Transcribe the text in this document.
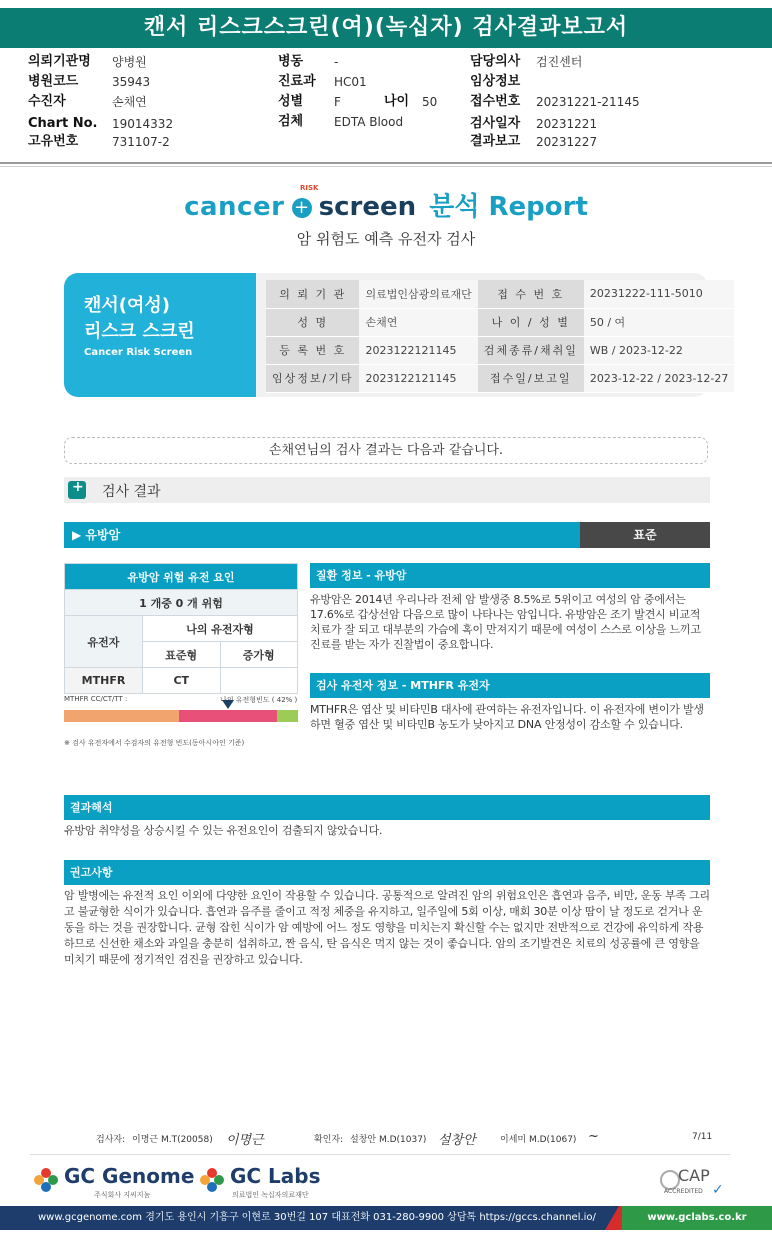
캔서 리스크스크린(여)(녹십자) 검사결과보고서
의뢰기관명 양병원
병원코드	35943
수진자	손채연
Chart No. 19014332
고유번호	731107-2
병동	-
진료과 HC01
성별	F	나이 50
검체	EDTA Blood
담당의사 검진센터
임상정보
접수번호 20231221-21145
검사일자 20231221
결과보고 20231227
cancer +
RISK
screen 분석 Report
암 위험도 예측 유전자 검사
캔서(여성)
리스크 스크린
Cancer Risk Screen
의 뢰 기 관	의료법인삼광의료재단	접 수 번 호	20231222-111-5010
성 명	손채연	나 이 / 성 별	50 / 여
등 록 번 호	2023122121145	검체종류/채취일	WB / 2023-12-22
임상정보/기타	2023122121145	접수일/보고일	2023-12-22 / 2023-12-27
손채연님의 검사 결과는 다음과 같습니다.
+
검사 결과
▶ 유방암	표준
유방암 위험 유전 요인		
1 개중 0 개 위험		
유전자	나의 유전자형	
	표준형	증가형
MTHFR	CT	
MTHFR CC/CT/TT :	나의 유전형빈도 ( 42% )
※ 검사 유전자에서 수검자의 유전형 빈도(동아시아인 기준)
질환 정보 - 유방암
유방암은 2014년 우리나라 전체 암 발생중 8.5%로 5위이고 여성의 암 중에서는 17.6%로 갑상선암 다음으로 많이 나타나는 암입니다. 유방암은 조기 발견시 비교적 치료가 잘 되고 대부분의 가슴에 혹이 만져지기 때문에 여성이 스스로 이상을 느끼고 진료를 받는 자가 진찰법이 중요합니다.
검사 유전자 정보 - MTHFR 유전자
MTHFR은 엽산 및 비타민B 대사에 관여하는 유전자입니다. 이 유전자에 변이가 발생하면 혈중 엽산 및 비타민B 농도가 낮아지고 DNA 안정성이 감소할 수 있습니다.
결과해석
유방암 취약성을 상승시킬 수 있는 유전요인이 검출되지 않았습니다.
권고사항
암 발병에는 유전적 요인 이외에 다양한 요인이 작용할 수 있습니다. 공통적으로 알려진 암의 위험요인은 흡연과 음주, 비만, 운동 부족 그리고 불균형한 식이가 있습니다. 흡연과 음주를 줄이고 적정 체중을 유지하고, 일주일에 5회 이상, 매회 30분 이상 땀이 날 정도로 걷거나 운동을 하는 것을 권장합니다. 균형 잡힌 식이가 암 예방에 어느 정도 영향을 미치는지 확신할 수는 없지만 전반적으로 건강에 유익하게 작용하므로 신선한 채소와 과일을 충분히 섭취하고, 짠 음식, 탄 음식은 먹지 않는 것이 좋습니다. 암의 조기발견은 치료의 성공률에 큰 영향을 미치기 때문에 정기적인 검진을 권장하고 있습니다.
검사자: 이명근 M.T(20058) 이명근	확인자: 설창안 M.D(1037) 설창안	이세미 M.D(1067) ~	7/11
GC Genome
주식회사 지씨지놈
GC Labs
의료법인 녹십자의료재단
CAP
ACCREDITED ✓
www.gcgenome.com 경기도 용인시 기흥구 이현로 30번길 107 대표전화 031-280-9900 상담톡 https://gccs.channel.io/	www.gclabs.co.kr
